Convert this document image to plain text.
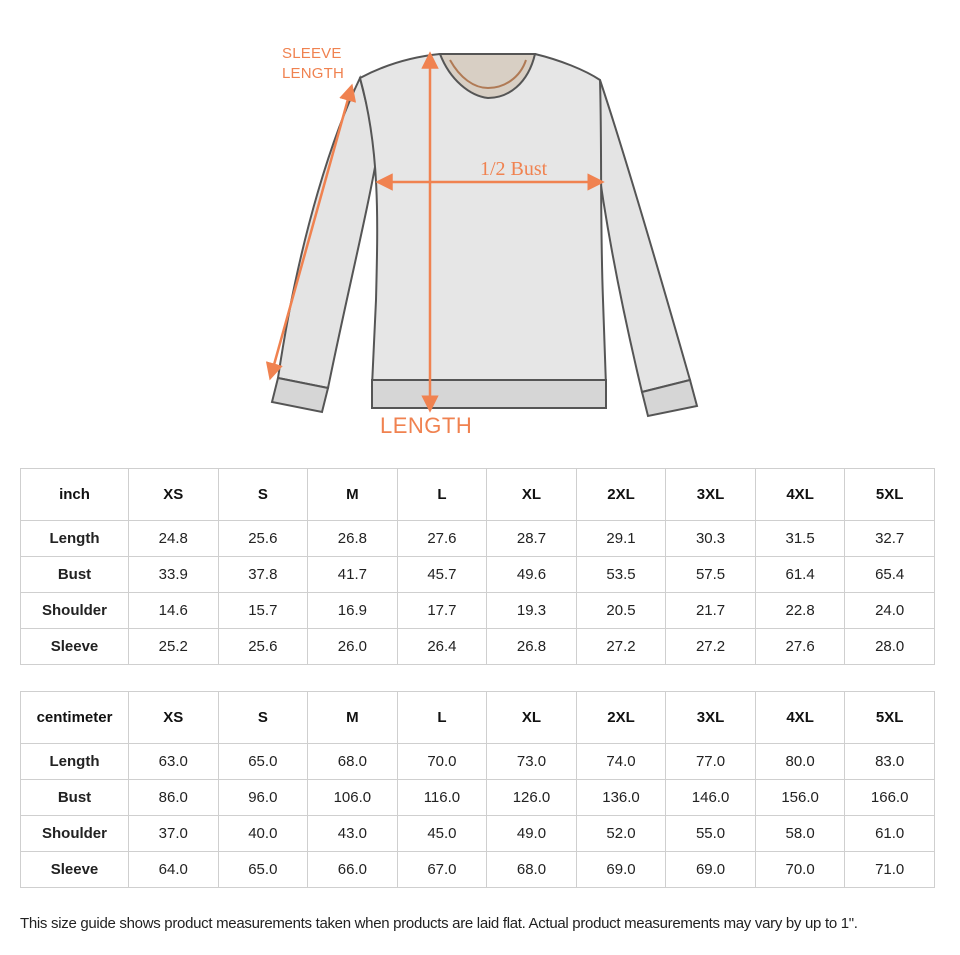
SLEEVE
LENGTH
1/2 Bust
LENGTH
inch	XS	S	M	L	XL	2XL	3XL	4XL	5XL
Length	24.8	25.6	26.8	27.6	28.7	29.1	30.3	31.5	32.7
Bust	33.9	37.8	41.7	45.7	49.6	53.5	57.5	61.4	65.4
Shoulder	14.6	15.7	16.9	17.7	19.3	20.5	21.7	22.8	24.0
Sleeve	25.2	25.6	26.0	26.4	26.8	27.2	27.2	27.6	28.0
centimeter	XS	S	M	L	XL	2XL	3XL	4XL	5XL
Length	63.0	65.0	68.0	70.0	73.0	74.0	77.0	80.0	83.0
Bust	86.0	96.0	106.0	116.0	126.0	136.0	146.0	156.0	166.0
Shoulder	37.0	40.0	43.0	45.0	49.0	52.0	55.0	58.0	61.0
Sleeve	64.0	65.0	66.0	67.0	68.0	69.0	69.0	70.0	71.0
This size guide shows product measurements taken when products are laid flat. Actual product measurements may vary by up to 1".
